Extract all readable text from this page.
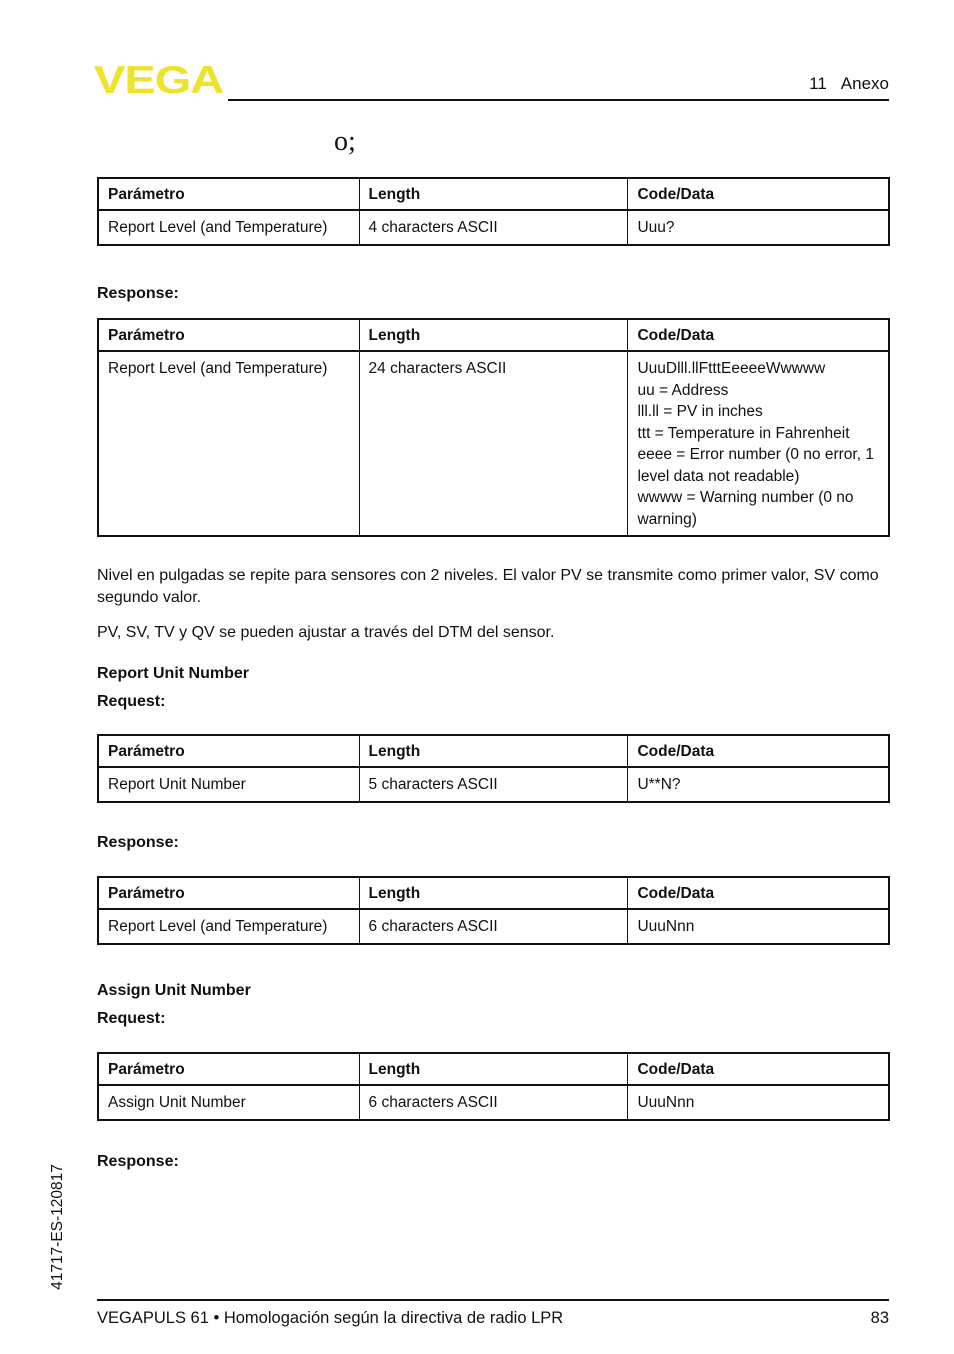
VEGA	11 Anexo
o;
Parámetro	Length	Code/Data
Report Level (and Temperature)	4 characters ASCII	Uuu?
Response:
Parámetro	Length	Code/Data
Report Level (and Temperature)	24 characters ASCII	UuuDlll.llFtttEeeeeWwwww
uu = Address
lll.ll = PV in inches
ttt = Temperature in Fahrenheit
eeee = Error number (0 no error, 1 level data not readable)
wwww = Warning number (0 no warning)
Nivel en pulgadas se repite para sensores con 2 niveles. El valor PV se transmite como primer valor, SV como segundo valor.
PV, SV, TV y QV se pueden ajustar a través del DTM del sensor.
Report Unit Number
Request:
Parámetro	Length	Code/Data
Report Unit Number	5 characters ASCII	U**N?
Response:
Parámetro	Length	Code/Data
Report Level (and Temperature)	6 characters ASCII	UuuNnn
Assign Unit Number
Request:
Parámetro	Length	Code/Data
Assign Unit Number	6 characters ASCII	UuuNnn
Response:
VEGAPULS 61 • Homologación según la directiva de radio LPR	83
41717-ES-120817
